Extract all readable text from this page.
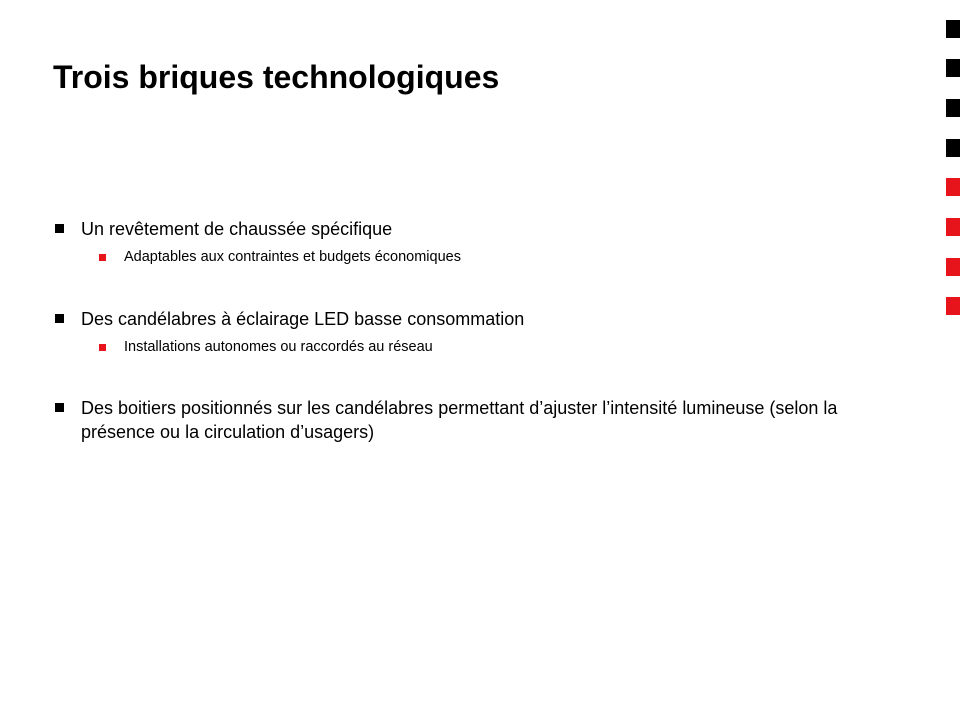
Trois briques technologiques
Un revêtement de chaussée spécifique
Adaptables aux contraintes et budgets économiques
Des candélabres à éclairage LED basse consommation
Installations autonomes ou raccordés au réseau
Des boitiers positionnés sur les candélabres permettant d’ajuster l’intensité lumineuse (selon la présence ou la circulation d’usagers)
